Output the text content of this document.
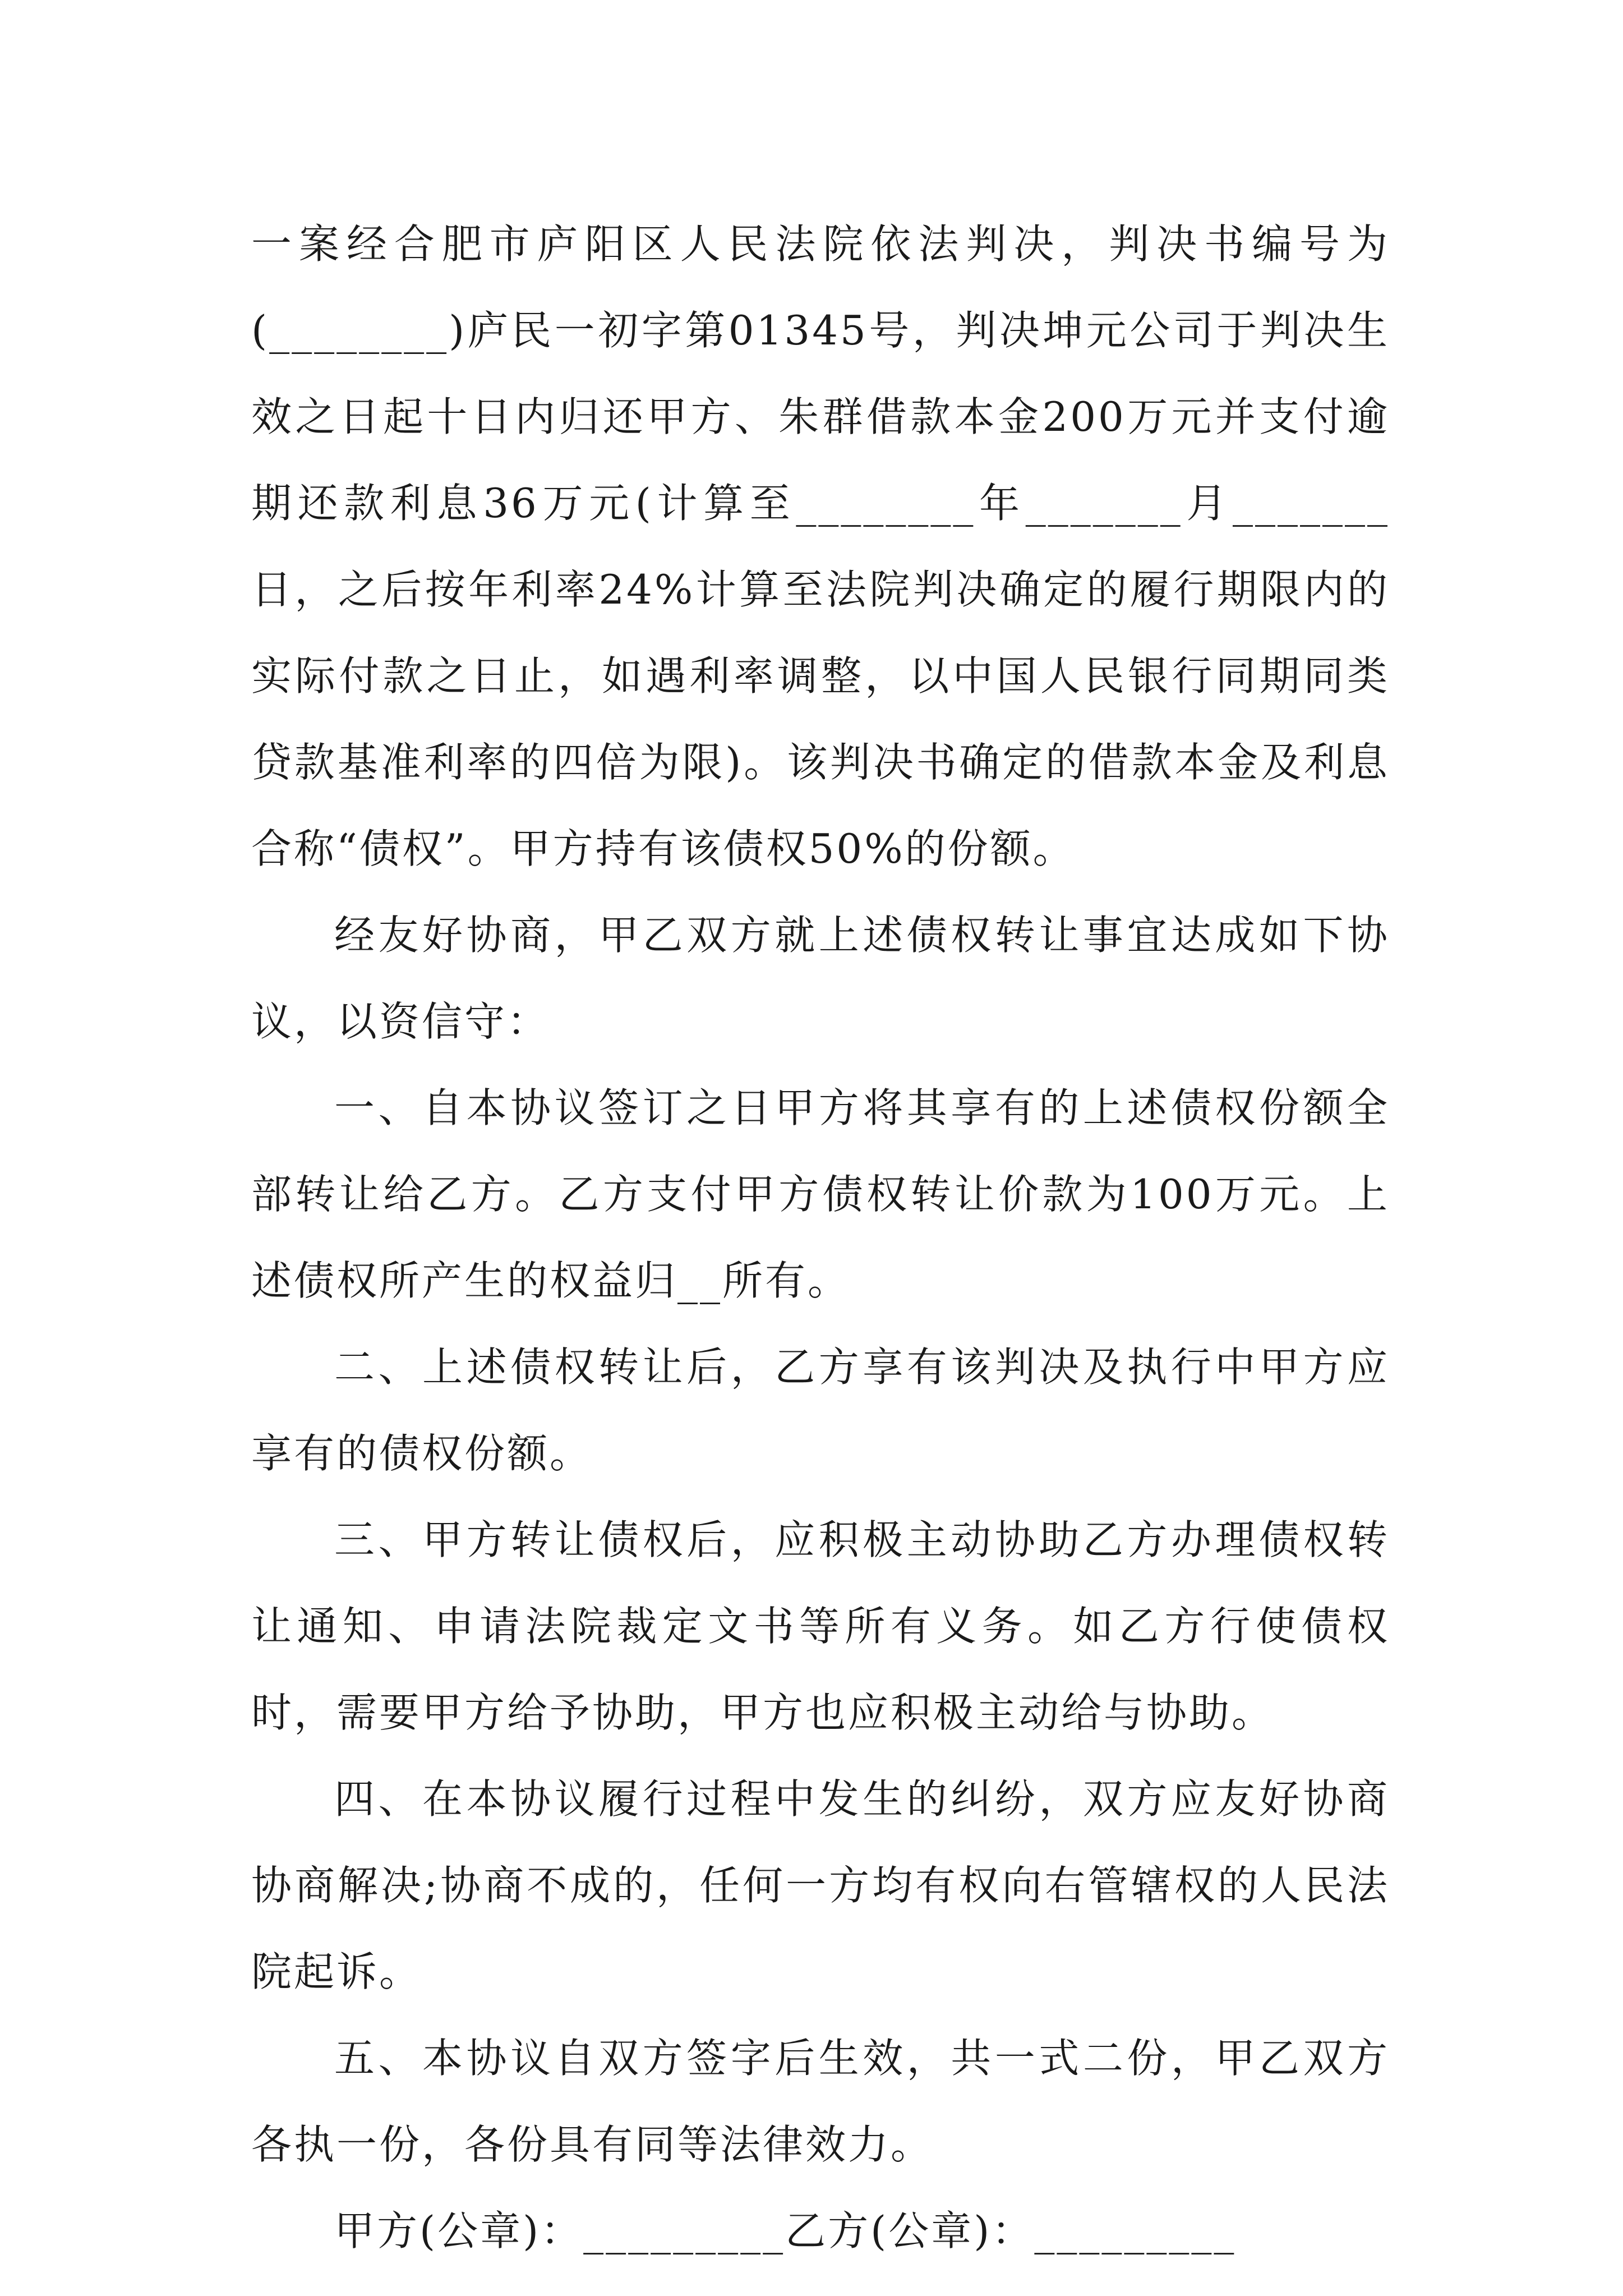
一案经合肥市庐阳区人民法院依法判决，判决书编号为(________)庐民一初字第01345号，判决坤元公司于判决生效之日起十日内归还甲方、朱群借款本金200万元并支付逾期还款利息36万元(计算至________年_______月_______日，之后按年利率24%计算至法院判决确定的履行期限内的实际付款之日止，如遇利率调整，以中国人民银行同期同类贷款基准利率的四倍为限)。该判决书确定的借款本金及利息合称“债权”。甲方持有该债权50%的份额。

经友好协商，甲乙双方就上述债权转让事宜达成如下协议，以资信守：

一、自本协议签订之日甲方将其享有的上述债权份额全部转让给乙方。乙方支付甲方债权转让价款为100万元。上述债权所产生的权益归__所有。

二、上述债权转让后，乙方享有该判决及执行中甲方应享有的债权份额。

三、甲方转让债权后，应积极主动协助乙方办理债权转让通知、申请法院裁定文书等所有义务。如乙方行使债权时，需要甲方给予协助，甲方也应积极主动给与协助。

四、在本协议履行过程中发生的纠纷，双方应友好协商协商解决;协商不成的，任何一方均有权向右管辖权的人民法院起诉。

五、本协议自双方签字后生效，共一式二份，甲乙双方各执一份，各份具有同等法律效力。

甲方(公章)：_________乙方(公章)：_________
